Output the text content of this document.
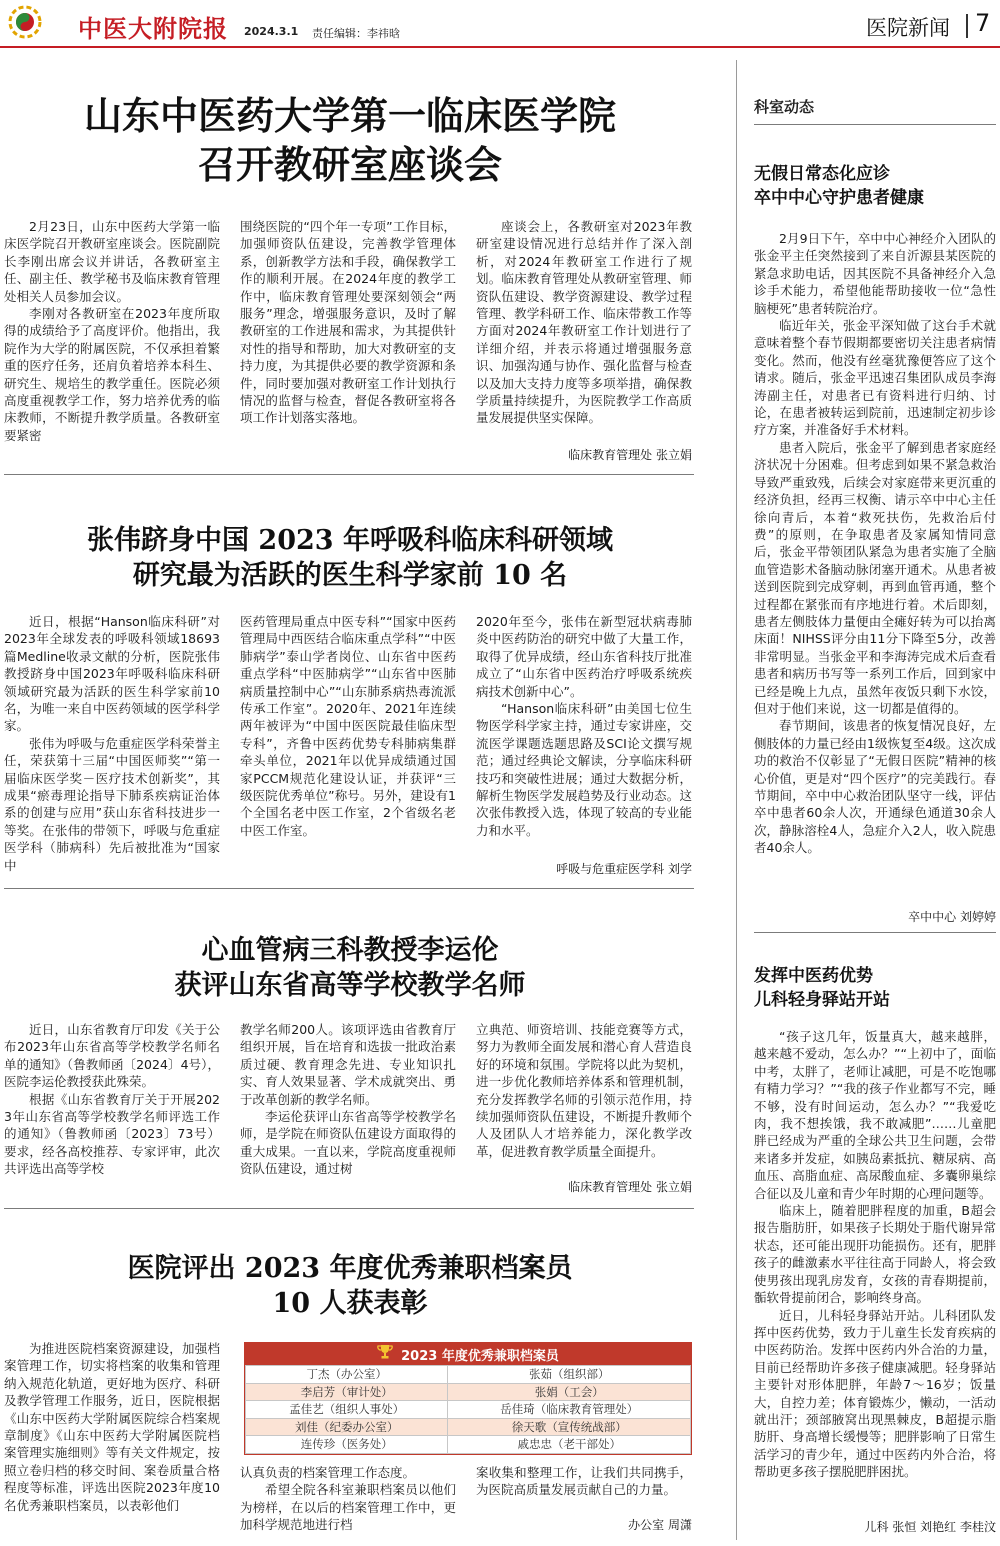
中医大附院报 2024.3.1 责任编辑：李祎晗	医院新闻 7
山东中医药大学第一临床医学院
召开教研室座谈会

2月23日，山东中医药大学第一临床医学院召开教研室座谈会。医院副院长李刚出席会议并讲话，各教研室主任、副主任、教学秘书及临床教育管理处相关人员参加会议。

李刚对各教研室在2023年度所取得的成绩给予了高度评价。他指出，我院作为大学的附属医院，不仅承担着繁重的医疗任务，还肩负着培养本科生、研究生、规培生的教学重任。医院必须高度重视教学工作，努力培养优秀的临床教师，不断提升教学质量。各教研室要紧密

围绕医院的“四个年一专项”工作目标，加强师资队伍建设，完善教学管理体系，创新教学方法和手段，确保教学工作的顺利开展。在2024年度的教学工作中，临床教育管理处要深刻领会“两服务”理念，增强服务意识，及时了解教研室的工作进展和需求，为其提供针对性的指导和帮助，加大对教研室的支持力度，为其提供必要的教学资源和条件，同时要加强对教研室工作计划执行情况的监督与检查，督促各教研室将各项工作计划落实落地。

座谈会上，各教研室对2023年教研室建设情况进行总结并作了深入剖析，对2024年教研室工作进行了规划。临床教育管理处从教研室管理、师资队伍建设、教学资源建设、教学过程管理、教学科研工作、临床带教工作等方面对2024年教研室工作计划进行了详细介绍，并表示将通过增强服务意识、加强沟通与协作、强化监督与检查以及加大支持力度等多项举措，确保教学质量持续提升，为医院教学工作高质量发展提供坚实保障。

临床教育管理处 张立娟
张伟跻身中国 2023 年呼吸科临床科研领域
研究最为活跃的医生科学家前 10 名

近日，根据“Hanson临床科研”对2023年全球发表的呼吸科领域18693篇Medline收录文献的分析，医院张伟教授跻身中国2023年呼吸科临床科研领域研究最为活跃的医生科学家前10名，为唯一来自中医药领域的医学科学家。

张伟为呼吸与危重症医学科荣誉主任，荣获第十三届“中国医师奖”“第一届临床医学奖－医疗技术创新奖”，其成果“瘀毒理论指导下肺系疾病证治体系的创建与应用”获山东省科技进步一等奖。在张伟的带领下，呼吸与危重症医学科（肺病科）先后被批准为“国家中

医药管理局重点中医专科”“国家中医药管理局中西医结合临床重点学科”“中医肺病学”泰山学者岗位、山东省中医药重点学科“中医肺病学”“山东省中医肺病质量控制中心”“山东肺系病热毒流派传承工作室”。2020年、2021年连续两年被评为“中国中医医院最佳临床型专科”，齐鲁中医药优势专科肺病集群牵头单位，2021年以优异成绩通过国家PCCM规范化建设认证，并获评“三级医院优秀单位”称号。另外，建设有1个全国名老中医工作室，2个省级名老中医工作室。

2020年至今，张伟在新型冠状病毒肺炎中医药防治的研究中做了大量工作，取得了优异成绩，经山东省科技厅批准成立了“山东省中医药治疗呼吸系统疾病技术创新中心”。

“Hanson临床科研”由美国七位生物医学科学家主持，通过专家讲座，交流医学课题选题思路及SCI论文撰写规范；通过经典论文解读，分享临床科研技巧和突破性进展；通过大数据分析，解析生物医学发展趋势及行业动态。这次张伟教授入选，体现了较高的专业能力和水平。

呼吸与危重症医学科 刘学
心血管病三科教授李运伦
获评山东省高等学校教学名师

近日，山东省教育厅印发《关于公布2023年山东省高等学校教学名师名单的通知》（鲁教师函〔2024〕4号），医院李运伦教授获此殊荣。

根据《山东省教育厅关于开展2023年山东省高等学校教学名师评选工作的通知》（鲁教师函〔2023〕73号）要求，经各高校推荐、专家评审，此次共评选出高等学校

教学名师200人。该项评选由省教育厅组织开展，旨在培育和选拔一批政治素质过硬、教育理念先进、专业知识扎实、育人效果显著、学术成就突出、勇于改革创新的教学名师。

李运伦获评山东省高等学校教学名师，是学院在师资队伍建设方面取得的重大成果。一直以来，学院高度重视师资队伍建设，通过树

立典范、师资培训、技能竞赛等方式，努力为教师全面发展和潜心育人营造良好的环境和氛围。学院将以此为契机，进一步优化教师培养体系和管理机制，充分发挥教学名师的引领示范作用，持续加强师资队伍建设，不断提升教师个人及团队人才培养能力，深化教学改革，促进教育教学质量全面提升。

临床教育管理处 张立娟
医院评出 2023 年度优秀兼职档案员
10 人获表彰

为推进医院档案资源建设，加强档案管理工作，切实将档案的收集和管理纳入规范化轨道，更好地为医疗、科研及教学管理工作服务，近日，医院根据《山东中医药大学附属医院综合档案规章制度》《山东中医药大学附属医院档案管理实施细则》等有关文件规定，按照立卷归档的移交时间、案卷质量合格程度等标准，评选出医院2023年度10名优秀兼职档案员，以表彰他们

2023 年度优秀兼职档案员
丁杰（办公室）	张茹（组织部）
李启芳（审计处）	张娟（工会）
孟佳艺（组织人事处）	岳佳琦（临床教育管理处）
刘佳（纪委办公室）	徐天歌（宣传统战部）
连传珍（医务处）	戚忠忠（老干部处）

认真负责的档案管理工作态度。

希望全院各科室兼职档案员以他们为榜样，在以后的档案管理工作中，更加科学规范地进行档

案收集和整理工作，让我们共同携手，为医院高质量发展贡献自己的力量。

办公室 周潇
科室动态
无假日常态化应诊
卒中中心守护患者健康

2月9日下午，卒中中心神经介入团队的张金平主任突然接到了来自沂源县某医院的紧急求助电话，因其医院不具备神经介入急诊手术能力，希望他能帮助接收一位“急性脑梗死”患者转院治疗。

临近年关，张金平深知做了这台手术就意味着整个春节假期都要密切关注患者病情变化。然而，他没有丝毫犹豫便答应了这个请求。随后，张金平迅速召集团队成员李海涛副主任，对患者已有资料进行归纳、讨论，在患者被转运到院前，迅速制定初步诊疗方案，并准备好手术材料。

患者入院后，张金平了解到患者家庭经济状况十分困难。但考虑到如果不紧急救治导致严重致残，后续会对家庭带来更沉重的经济负担，经再三权衡、请示卒中中心主任徐向青后，本着“救死扶伤，先救治后付费”的原则，在争取患者及家属知情同意后，张金平带领团队紧急为患者实施了全脑血管造影术备脑动脉闭塞开通术。从患者被送到医院到完成穿刺，再到血管再通，整个过程都在紧张而有序地进行着。术后即刻，患者左侧肢体力量便由全瘫好转为可以抬离床面！NIHSS评分由11分下降至5分，改善非常明显。当张金平和李海涛完成术后查看患者和病历书写等一系列工作后，回到家中已经是晚上九点，虽然年夜饭只剩下水饺，但对于他们来说，这一切都是值得的。

春节期间，该患者的恢复情况良好，左侧肢体的力量已经由1级恢复至4级。这次成功的救治不仅彰显了“无假日医院”精神的核心价值，更是对“四个医疗”的完美践行。春节期间，卒中中心救治团队坚守一线，评估卒中患者60余人次，开通绿色通道30余人次，静脉溶栓4人，急症介入2人，收入院患者40余人。

卒中中心 刘婷婷
发挥中医药优势
儿科轻身驿站开站

“孩子这几年，饭量真大，越来越胖，越来越不爱动，怎么办？”“上初中了，面临中考，太胖了，老师让减肥，可是不吃饱哪有精力学习？”“我的孩子作业都写不完，睡不够，没有时间运动，怎么办？”“我爱吃肉，我不想挨饿，我不敢减肥”……儿童肥胖已经成为严重的全球公共卫生问题，会带来诸多并发症，如胰岛素抵抗、糖尿病、高血压、高脂血症、高尿酸血症、多囊卵巢综合征以及儿童和青少年时期的心理问题等。

临床上，随着肥胖程度的加重，B超会报告脂肪肝，如果孩子长期处于脂代谢异常状态，还可能出现肝功能损伤。还有，肥胖孩子的雌激素水平往往高于同龄人，将会致使男孩出现乳房发育，女孩的青春期提前，骺软骨提前闭合，影响终身高。

近日，儿科轻身驿站开站。儿科团队发挥中医药优势，致力于儿童生长发育疾病的中医药防治。发挥中医药内外合治的力量，目前已经帮助许多孩子健康减肥。轻身驿站主要针对形体肥胖，年龄7～16岁；饭量大，自控力差；体育锻炼少，懒动，一活动就出汗；颈部腋窝出现黑棘皮，B超提示脂肪肝、身高增长缓慢等；肥胖影响了日常生活学习的青少年，通过中医药内外合治，将帮助更多孩子摆脱肥胖困扰。

儿科 张恒 刘艳红 李桂汶
